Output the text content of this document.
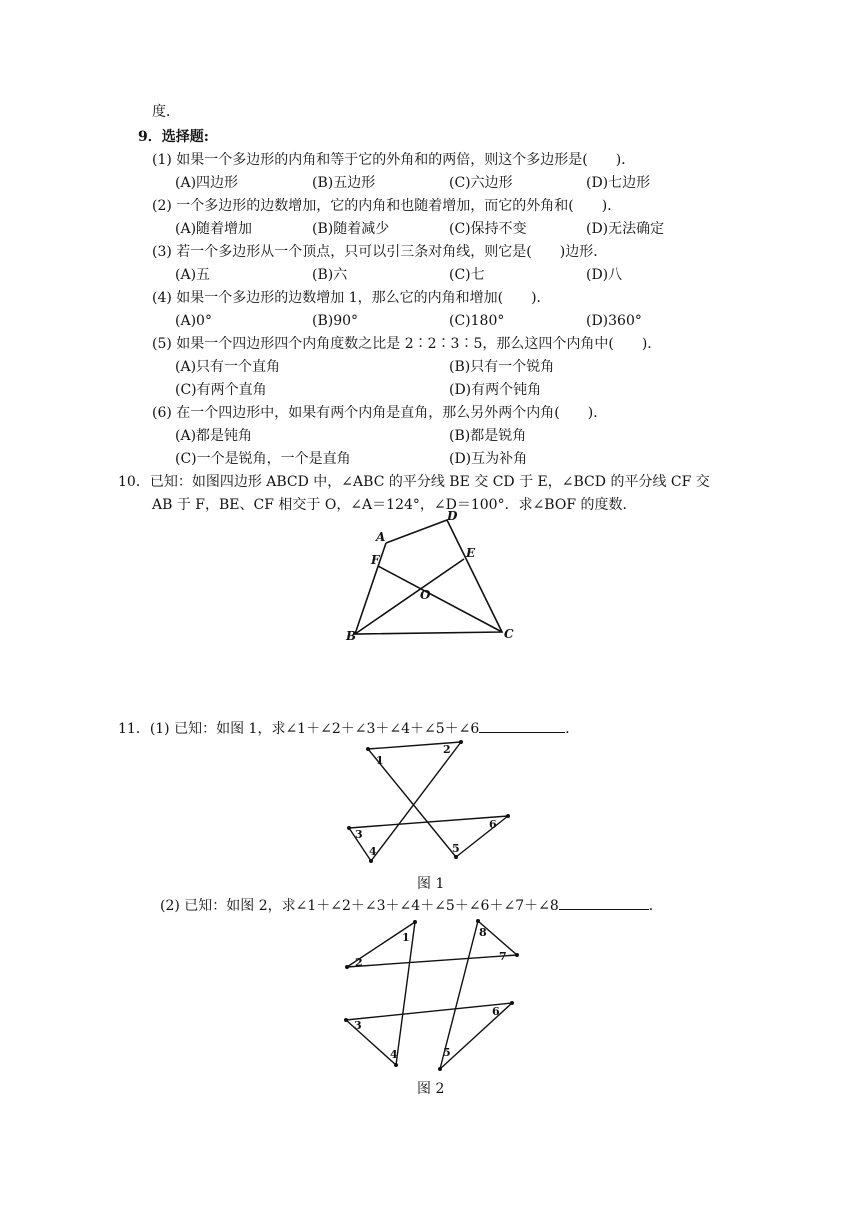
度．
9．选择题:
(1) 如果一个多边形的内角和等于它的外角和的两倍，则这个多边形是(　　)．
(A)四边形	(B)五边形	(C)六边形	(D)七边形
(2) 一个多边形的边数增加，它的内角和也随着增加，而它的外角和(　　)．
(A)随着增加	(B)随着减少	(C)保持不变	(D)无法确定
(3) 若一个多边形从一个顶点，只可以引三条对角线，则它是(　　)边形．
(A)五	(B)六	(C)七	(D)八
(4) 如果一个多边形的边数增加 1，那么它的内角和增加(　　)．
(A)0°	(B)90°	(C)180°	(D)360°
(5) 如果一个四边形四个内角度数之比是 2∶2∶3∶5，那么这四个内角中(　　)．
(A)只有一个直角	(B)只有一个锐角
(C)有两个直角	(D)有两个钝角
(6) 在一个四边形中，如果有两个内角是直角，那么另外两个内角(　　)．
(A)都是钝角	(B)都是锐角
(C)一个是锐角，一个是直角	(D)互为补角
10．已知：如图四边形 ABCD 中，∠ABC 的平分线 BE 交 CD 于 E，∠BCD 的平分线 CF 交
AB 于 F，BE、CF 相交于 O，∠A＝124°，∠D＝100°．求∠BOF 的度数．
A
D
E
F
O
B	C
11．(1) 已知：如图 1，求∠1＋∠2＋∠3＋∠4＋∠5＋∠6	．
1
2
3
4	5
6
图 1
(2) 已知：如图 2，求∠1＋∠2＋∠3＋∠4＋∠5＋∠6＋∠7＋∠8	．
1
2
3
4	5
6
7
8
图 2
